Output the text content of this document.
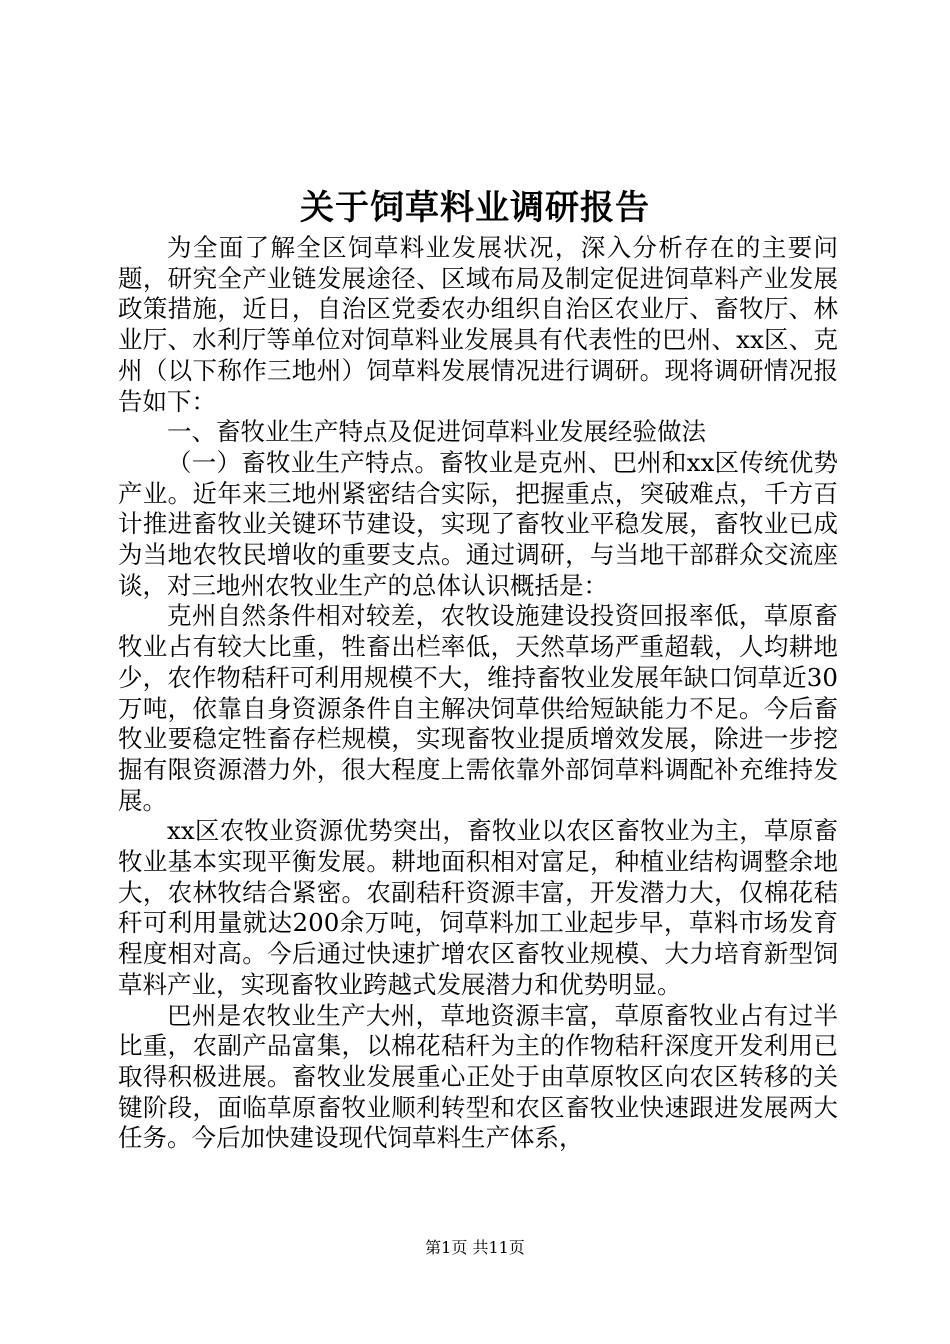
关于饲草料业调研报告

为全面了解全区饲草料业发展状况，深入分析存在的主要问题，研究全产业链发展途径、区域布局及制定促进饲草料产业发展政策措施，近日，自治区党委农办组织自治区农业厅、畜牧厅、林业厅、水利厅等单位对饲草料业发展具有代表性的巴州、xx区、克州（以下称作三地州）饲草料发展情况进行调研。现将调研情况报告如下：

一、畜牧业生产特点及促进饲草料业发展经验做法

（一）畜牧业生产特点。畜牧业是克州、巴州和xx区传统优势产业。近年来三地州紧密结合实际，把握重点，突破难点，千方百计推进畜牧业关键环节建设，实现了畜牧业平稳发展，畜牧业已成为当地农牧民增收的重要支点。通过调研，与当地干部群众交流座谈，对三地州农牧业生产的总体认识概括是：

克州自然条件相对较差，农牧设施建设投资回报率低，草原畜牧业占有较大比重，牲畜出栏率低，天然草场严重超载，人均耕地少，农作物秸秆可利用规模不大，维持畜牧业发展年缺口饲草近30万吨，依靠自身资源条件自主解决饲草供给短缺能力不足。今后畜牧业要稳定牲畜存栏规模，实现畜牧业提质增效发展，除进一步挖掘有限资源潜力外，很大程度上需依靠外部饲草料调配补充维持发展。

xx区农牧业资源优势突出，畜牧业以农区畜牧业为主，草原畜牧业基本实现平衡发展。耕地面积相对富足，种植业结构调整余地大，农林牧结合紧密。农副秸秆资源丰富，开发潜力大，仅棉花秸秆可利用量就达200余万吨，饲草料加工业起步早，草料市场发育程度相对高。今后通过快速扩增农区畜牧业规模、大力培育新型饲草料产业，实现畜牧业跨越式发展潜力和优势明显。

巴州是农牧业生产大州，草地资源丰富，草原畜牧业占有过半比重，农副产品富集，以棉花秸秆为主的作物秸秆深度开发利用已取得积极进展。畜牧业发展重心正处于由草原牧区向农区转移的关键阶段，面临草原畜牧业顺利转型和农区畜牧业快速跟进发展两大任务。今后加快建设现代饲草料生产体系，

第1页 共11页
